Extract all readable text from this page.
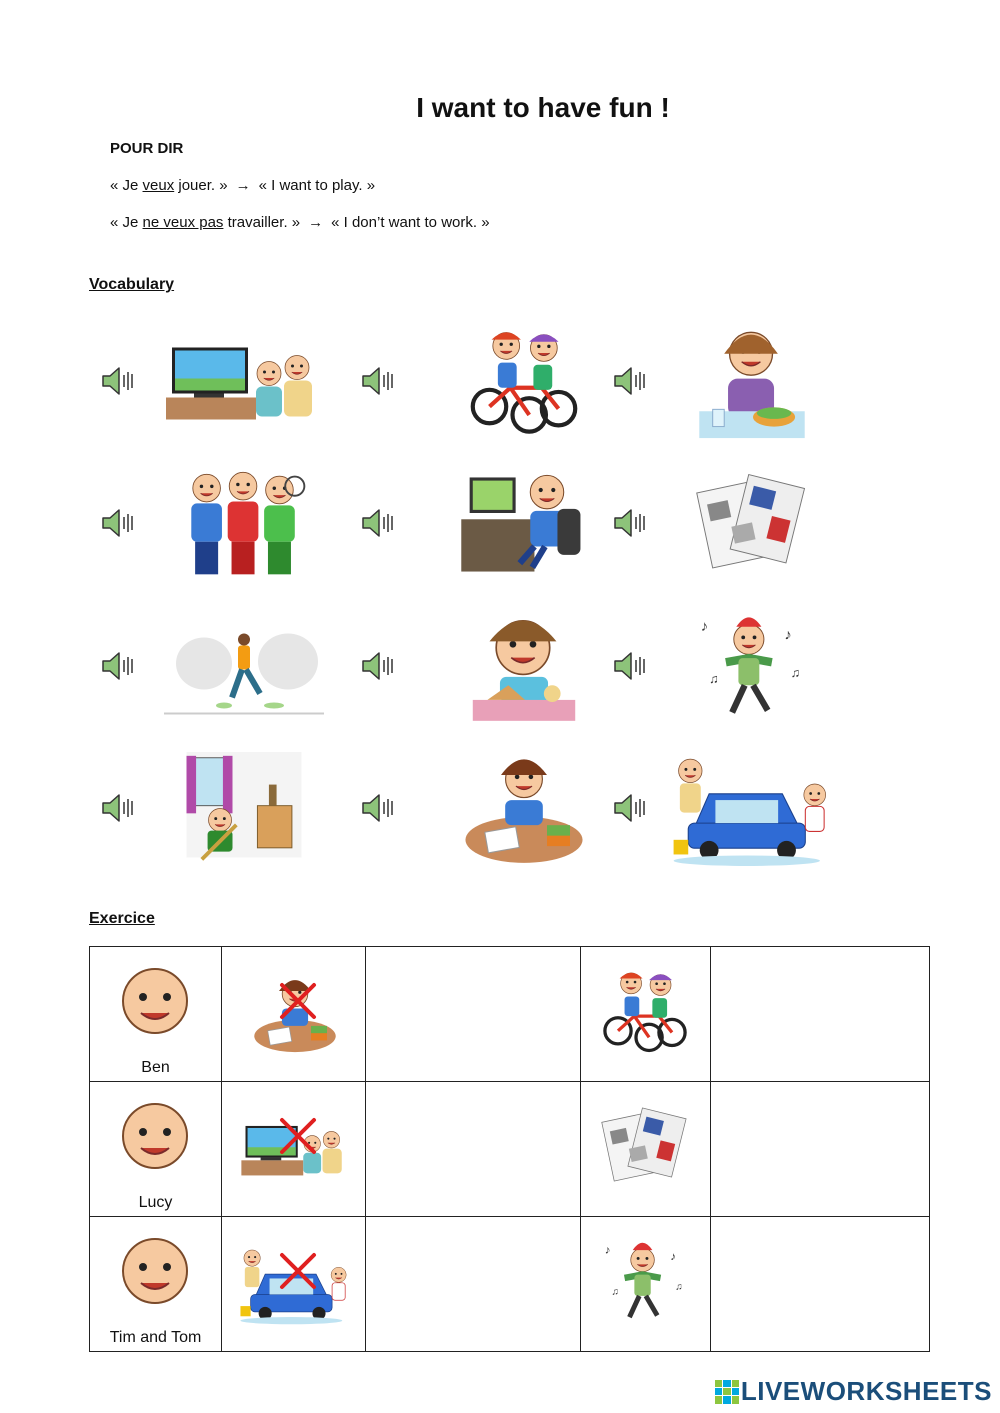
I want to have fun !
POUR DIR
« Je veux jouer. » → « I want to play. »
« Je ne veux pas travailler. » → « I don’t want to work. »
Vocabulary
Exercice
Ben

Lucy

Tim and Tom

LIVEWORKSHEETS
